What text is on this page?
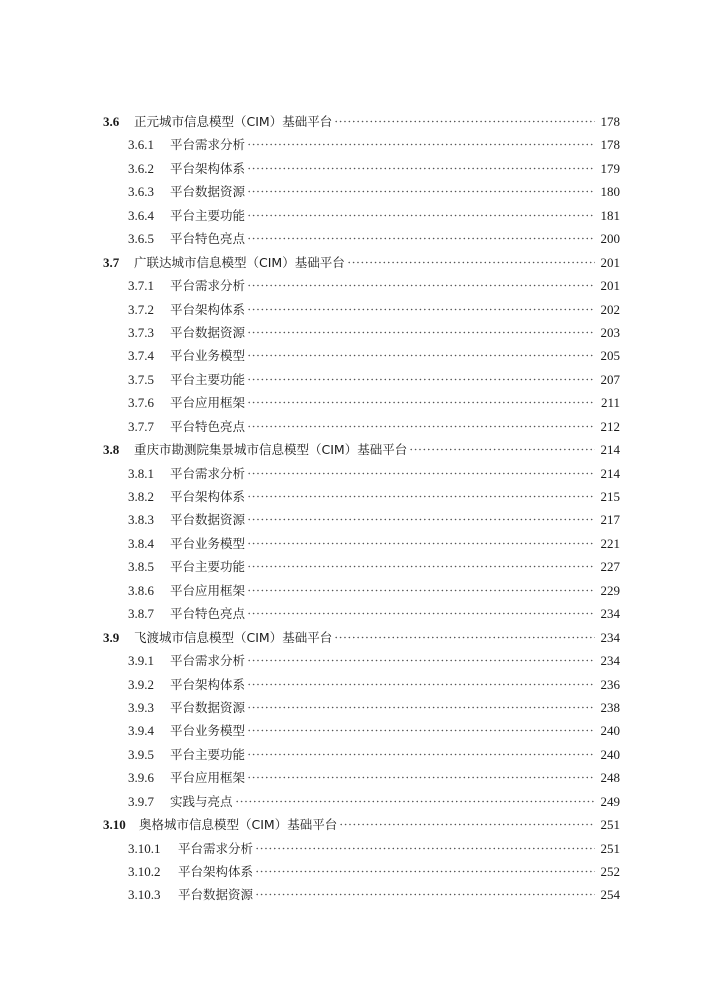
3.6	正元城市信息模型（CIM）基础平台	178
3.6.1	平台需求分析	178
3.6.2	平台架构体系	179
3.6.3	平台数据资源	180
3.6.4	平台主要功能	181
3.6.5	平台特色亮点	200
3.7	广联达城市信息模型（CIM）基础平台	201
3.7.1	平台需求分析	201
3.7.2	平台架构体系	202
3.7.3	平台数据资源	203
3.7.4	平台业务模型	205
3.7.5	平台主要功能	207
3.7.6	平台应用框架	211
3.7.7	平台特色亮点	212
3.8	重庆市勘测院集景城市信息模型（CIM）基础平台	214
3.8.1	平台需求分析	214
3.8.2	平台架构体系	215
3.8.3	平台数据资源	217
3.8.4	平台业务模型	221
3.8.5	平台主要功能	227
3.8.6	平台应用框架	229
3.8.7	平台特色亮点	234
3.9	飞渡城市信息模型（CIM）基础平台	234
3.9.1	平台需求分析	234
3.9.2	平台架构体系	236
3.9.3	平台数据资源	238
3.9.4	平台业务模型	240
3.9.5	平台主要功能	240
3.9.6	平台应用框架	248
3.9.7	实践与亮点	249
3.10	奥格城市信息模型（CIM）基础平台	251
3.10.1	平台需求分析	251
3.10.2	平台架构体系	252
3.10.3	平台数据资源	254
